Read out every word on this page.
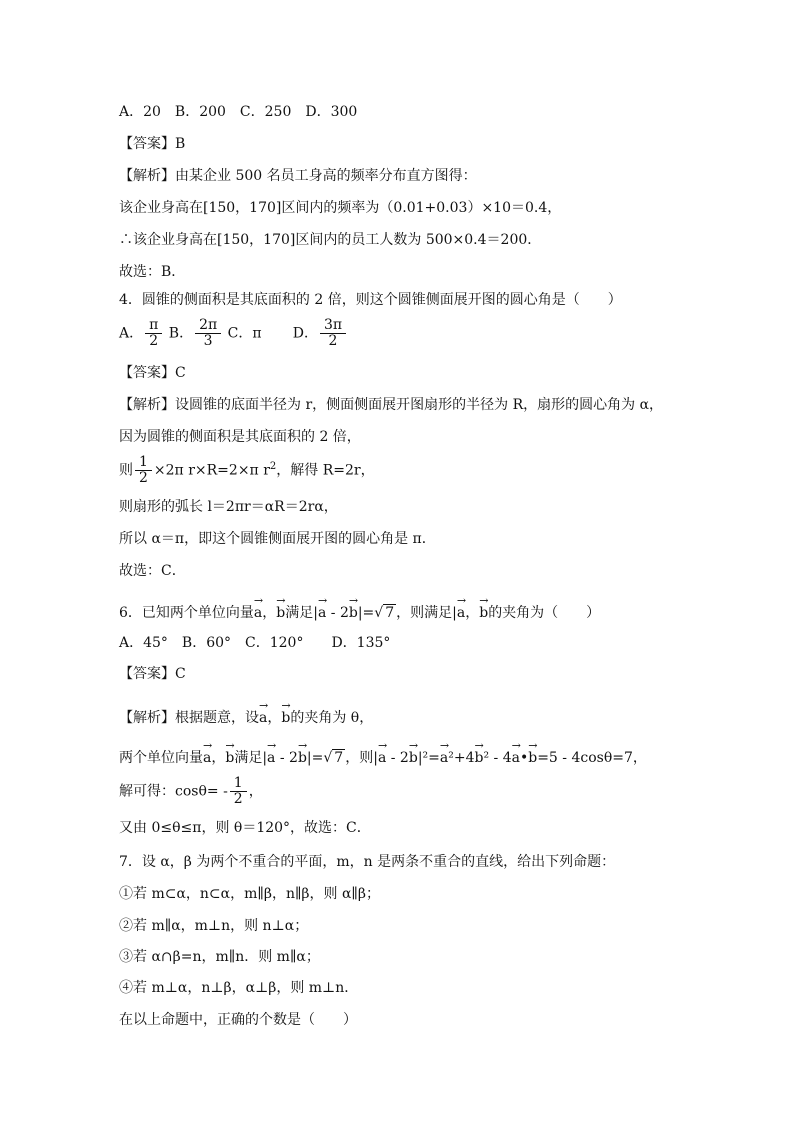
A．20　B．200　C．250　D．300
【答案】B
【解析】由某企业 500 名员工身高的频率分布直方图得：
该企业身高在[150，170]区间内的频率为（0.01+0.03）×10＝0.4，
∴该企业身高在[150，170]区间内的员工人数为 500×0.4＝200．
故选：B．
4．圆锥的侧面积是其底面积的 2 倍，则这个圆锥侧面展开图的圆心角是（　　）
A． $\frac{\pi}{2}$ B． $\frac{2\pi}{3}$ C．π D． $\frac{3\pi}{2}$
【答案】C
【解析】设圆锥的底面半径为 r，侧面侧面展开图扇形的半径为 R，扇形的圆心角为 α，
因为圆锥的侧面积是其底面积的 2 倍，
则 $\frac{1}{2} \times 2\pi$ r×R=2×π $r^2$，解得 R=2r，
则扇形的弧长 l＝2πr＝αR＝2rα，
所以 α＝π，即这个圆锥侧面展开图的圆心角是 π．
故选：C．
6．已知两个单位向量→ a，→ b满足|→ a - 2→ b|=√ 7 ，则满足|→ a，→ b的夹角为（　　）
A．45°　B．60°　C．120°　　D．135°
【答案】C
【解析】根据题意，设→ a，→ b的夹角为 θ，
两个单位向量→ a，→ b满足|→ a - 2→ b|=√ 7 ，则|→ a - 2→ b|²=→ a²+4→ b² - 4→ a•→ b=5 - 4cosθ=7，
解可得：$\cos\theta= - \frac{1}{2}$ ，
又由 0≤θ≤π，则 θ＝120°，故选：C．
7．设 α，β 为两个不重合的平面，m，n 是两条不重合的直线，给出下列命题：
①若 m⊂α，n⊂α，m∥β，n∥β，则 α∥β；
②若 m∥α，m⊥n，则 n⊥α；
③若 α∩β=n，m∥n．则 m∥α；
④若 m⊥α，n⊥β，α⊥β，则 m⊥n．
在以上命题中，正确的个数是（　　）
